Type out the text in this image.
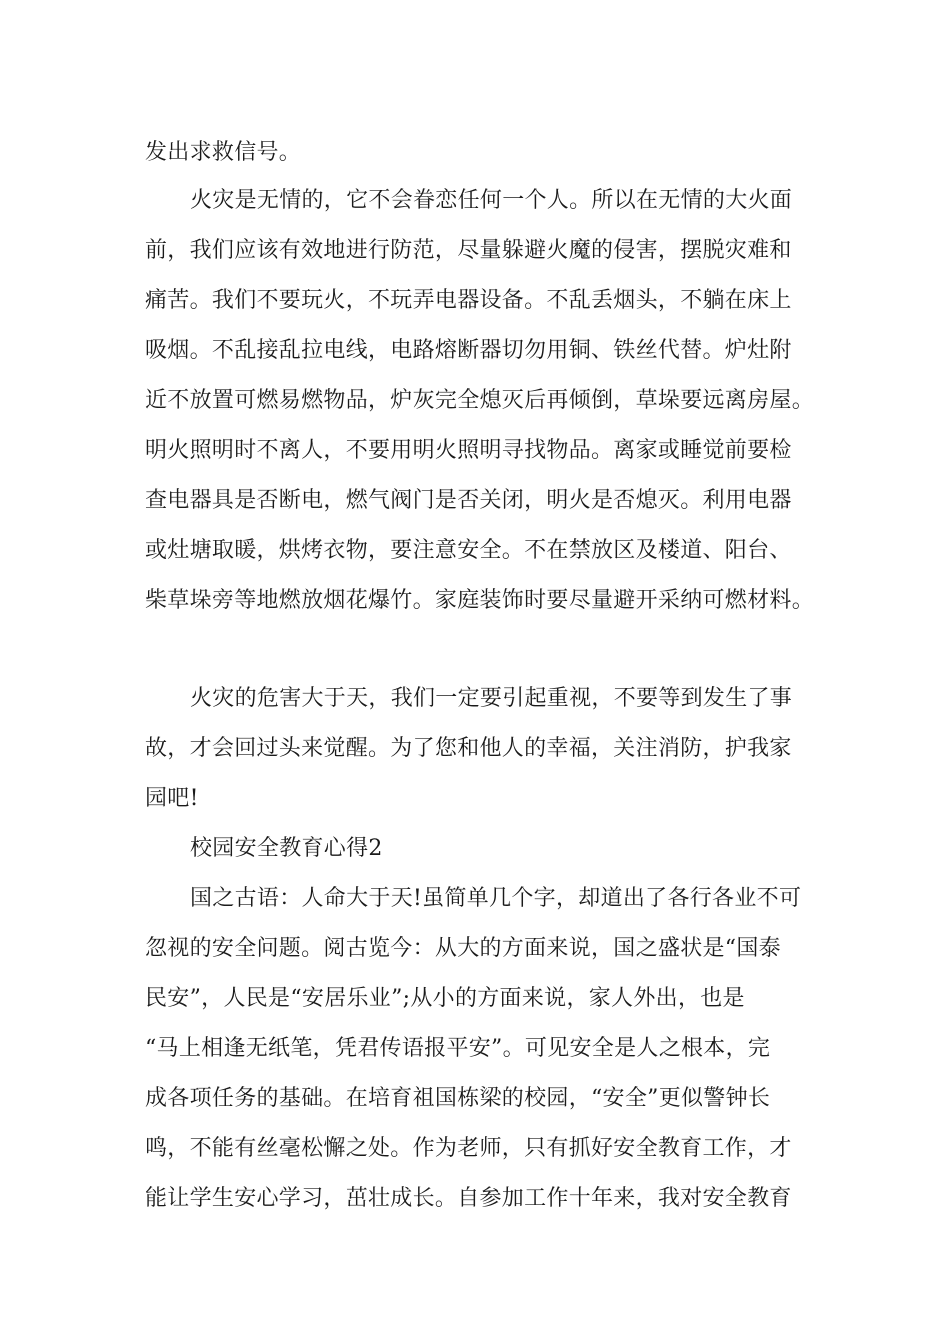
发出求救信号。
火灾是无情的，它不会眷恋任何一个人。所以在无情的大火面
前，我们应该有效地进行防范，尽量躲避火魔的侵害，摆脱灾难和
痛苦。我们不要玩火，不玩弄电器设备。不乱丢烟头，不躺在床上
吸烟。不乱接乱拉电线，电路熔断器切勿用铜、铁丝代替。炉灶附
近不放置可燃易燃物品，炉灰完全熄灭后再倾倒，草垛要远离房屋。
明火照明时不离人，不要用明火照明寻找物品。离家或睡觉前要检
查电器具是否断电，燃气阀门是否关闭，明火是否熄灭。利用电器
或灶塘取暖，烘烤衣物，要注意安全。不在禁放区及楼道、阳台、
柴草垛旁等地燃放烟花爆竹。家庭装饰时要尽量避开采纳可燃材料。
火灾的危害大于天，我们一定要引起重视，不要等到发生了事
故，才会回过头来觉醒。为了您和他人的幸福，关注消防，护我家
园吧!
校园安全教育心得2
国之古语：人命大于天!虽简单几个字，却道出了各行各业不可
忽视的安全问题。阅古览今：从大的方面来说，国之盛状是“国泰
民安”，人民是“安居乐业”;从小的方面来说，家人外出，也是
“马上相逢无纸笔，凭君传语报平安”。可见安全是人之根本，完
成各项任务的基础。在培育祖国栋梁的校园，“安全”更似警钟长
鸣，不能有丝毫松懈之处。作为老师，只有抓好安全教育工作，才
能让学生安心学习，茁壮成长。自参加工作十年来，我对安全教育
